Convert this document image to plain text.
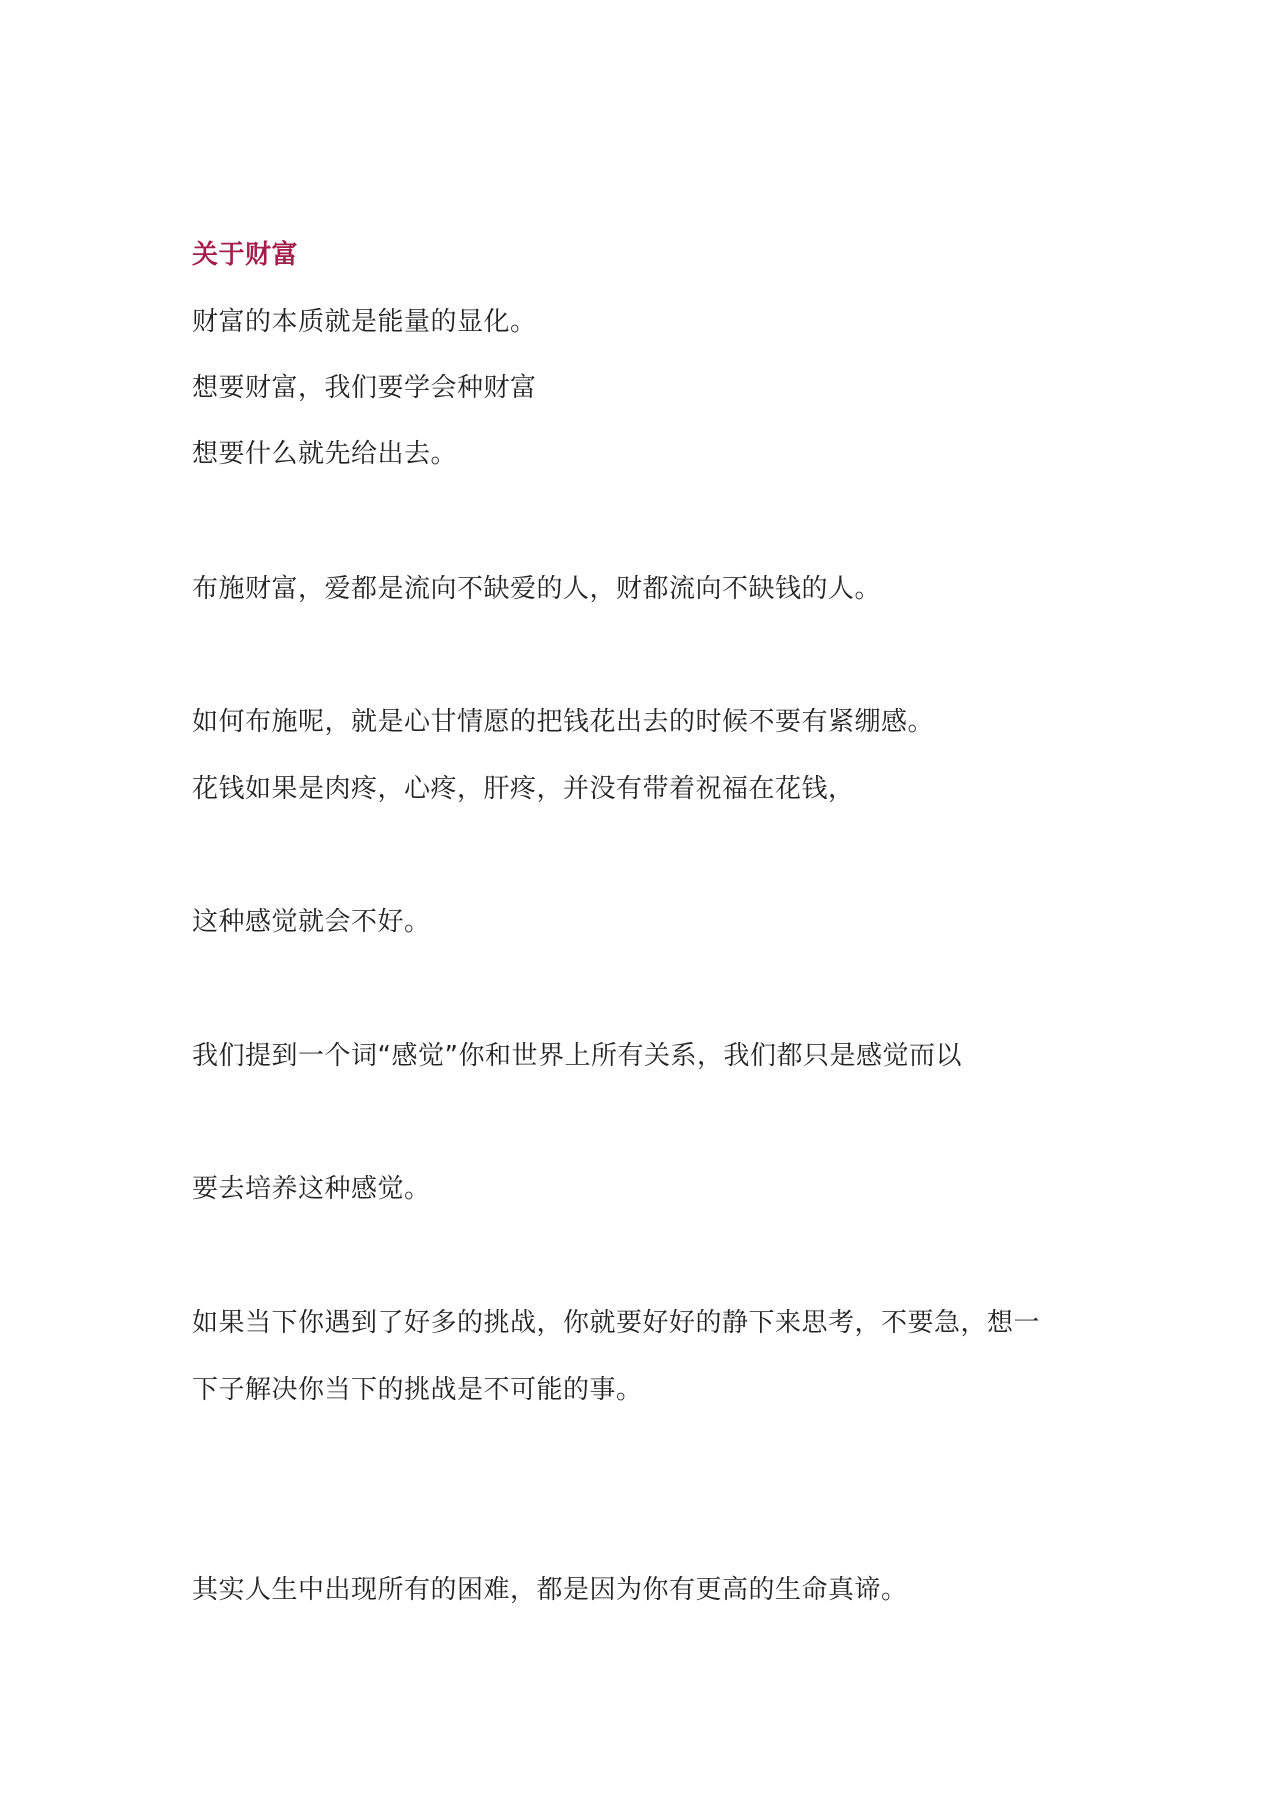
关于财富

财富的本质就是能量的显化。

想要财富，我们要学会种财富

想要什么就先给出去。

布施财富，爱都是流向不缺爱的人，财都流向不缺钱的人。

如何布施呢，就是心甘情愿的把钱花出去的时候不要有紧绷感。

花钱如果是肉疼，心疼，肝疼，并没有带着祝福在花钱，

这种感觉就会不好。

我们提到一个词“感觉”你和世界上所有关系，我们都只是感觉而以

要去培养这种感觉。

如果当下你遇到了好多的挑战，你就要好好的静下来思考，不要急，想一

下子解决你当下的挑战是不可能的事。

其实人生中出现所有的困难，都是因为你有更高的生命真谛。
